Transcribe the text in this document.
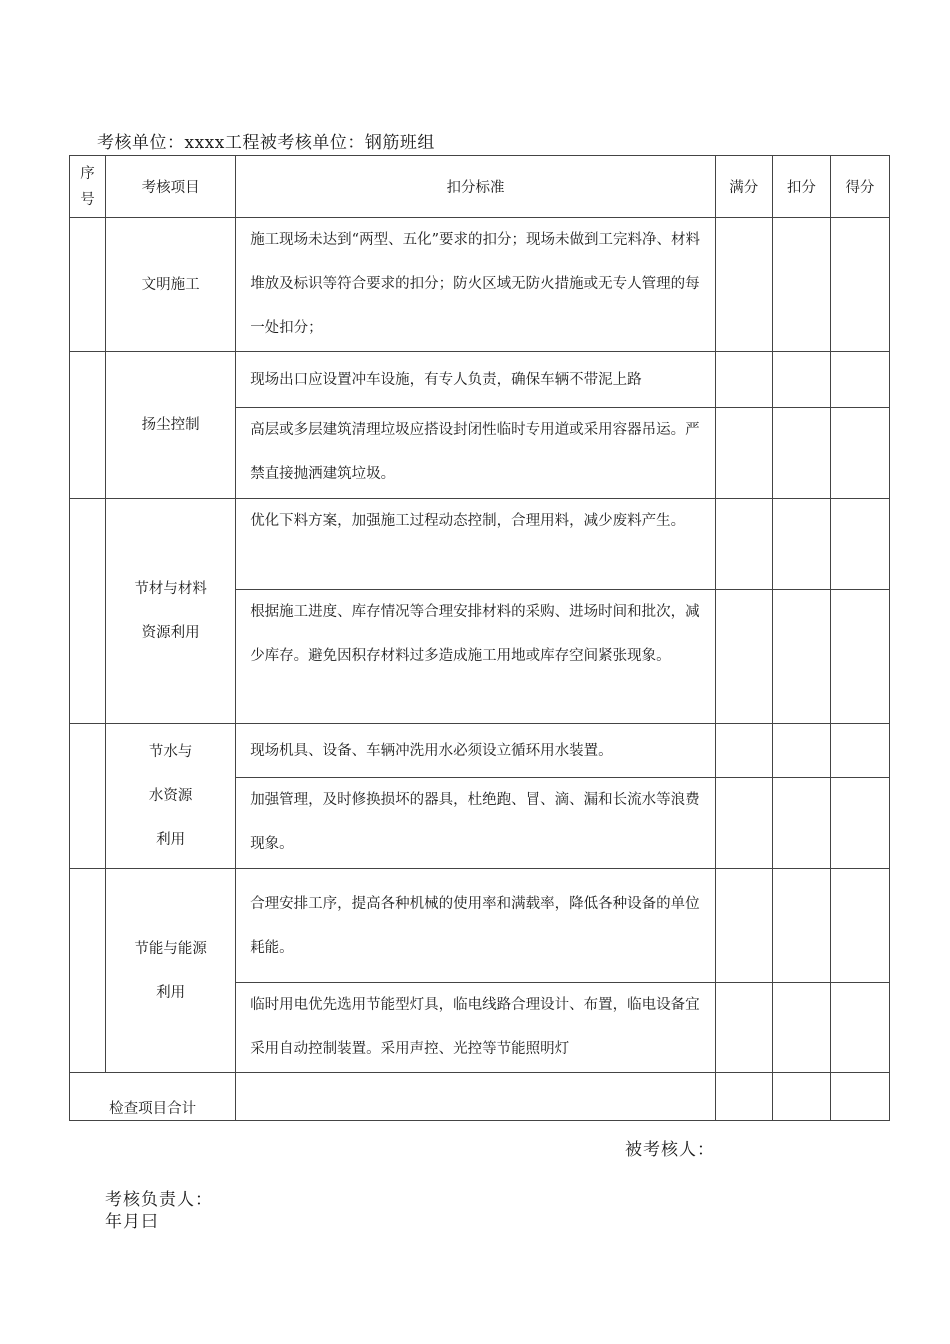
考核单位：xxxx工程被考核单位：钢筋班组
序
号	考核项目	扣分标准	满分	扣分	得分

	文明施工	施工现场未达到“两型、五化”要求的扣分；现场未做到工完料净、材料堆放及标识等符合要求的扣分；防火区域无防火措施或无专人管理的每一处扣分；			

	扬尘控制	现场出口应设置冲车设施，有专人负责，确保车辆不带泥上路			
		高层或多层建筑清理垃圾应搭设封闭性临时专用道或采用容器吊运。严禁直接抛洒建筑垃圾。			

	节材与材料
资源利用	优化下料方案，加强施工过程动态控制，合理用料，减少废料产生。			
		根据施工进度、库存情况等合理安排材料的采购、进场时间和批次，减少库存。避免因积存材料过多造成施工用地或库存空间紧张现象。			

	节水与
水资源
利用	现场机具、设备、车辆冲洗用水必须设立循环用水装置。			
		加强管理，及时修换损坏的器具，杜绝跑、冒、滴、漏和长流水等浪费现象。			

	节能与能源
利用	合理安排工序，提高各种机械的使用率和满载率，降低各种设备的单位耗能。			
		临时用电优先选用节能型灯具，临电线路合理设计、布置，临电设备宜采用自动控制装置。采用声控、光控等节能照明灯			
检查项目合计					
被考核人：
考核负责人：
年月曰
